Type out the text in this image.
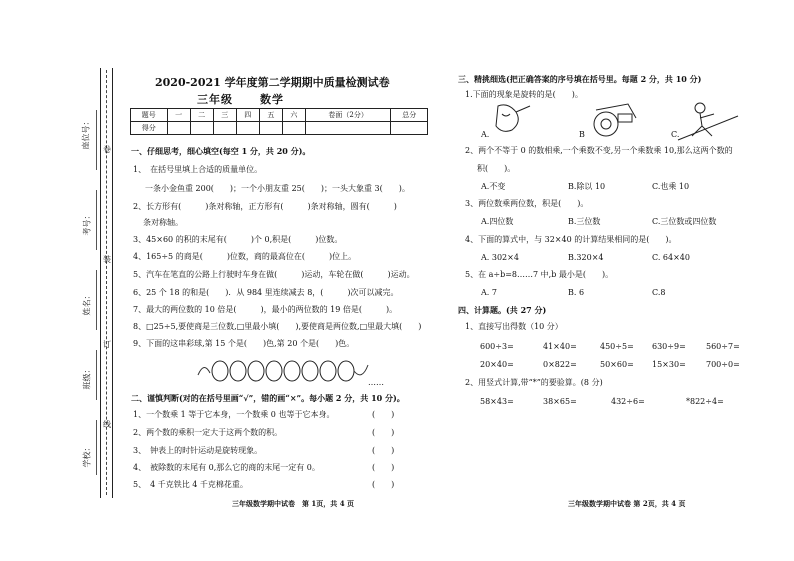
座位号：
考号：
姓名：
班级：
学校：
卷
装
订
线
2020-2021 学年度第二学期期中质量检测试卷
三年级 数学
题号	一	二	三	四	五	六	卷面（2分）	总分
得分								
一、仔细思考，细心填空(每空 1 分，共 20 分)。
1、　在括号里填上合适的质量单位。
一条小金鱼重 200(　　)；一个小朋友重 25(　　)；一头大象重 3(　　)。
2、长方形有(　　　)条对称轴，正方形有(　　　)条对称轴，圆有(　　　)
条对称轴。
3、45×60 的积的末尾有(　　　)个 0,积是(　　　)位数。
4、165÷5 的商是(　　　)位数，商的最高位在(　　　)位上。
5、汽车在笔直的公路上行驶时车身在做(　　　)运动，车轮在做(　　　)运动。
6、25 个 18 的和是(　　)．从 984 里连续减去 8，(　　　)次可以减完。
7、最大的两位数的 10 倍是(　　　)，最小的两位数的 19 倍是(　　　)。
8、□25÷5,要使商是三位数,□里最小填(　　),要使商是两位数,□里最大填(　　)
9、下面的这串彩球,第 15 个是(　　)色,第 20 个是(　　)色。
……
二、谨慎判断(对的在括号里画“√”，错的画“×”。每小题 2 分，共 10 分)。
1、一个数乘 1 等于它本身，一个数乘 0 也等于它本身。
2、两个数的乘积一定大于这两个数的积。
3、　钟表上的时针运动是旋转现象。
4、　被除数的末尾有 0,那么它的商的末尾一定有 0。
5、　4 千克铁比 4 千克棉花重。
(　　)
(　　)
(　　)
(　　)
(　　)
三年级数学期中试卷　第 1页，共 4 页
三、精挑细选(把正确答案的序号填在括号里。每题 2 分，共 10 分)
1.下面的现象是旋转的是(　　)。
A.	B	C.
2、两个不等于 0 的数相乘,一个乘数不变,另一个乘数乘 10,那么这两个数的
积(　　)。
A.不变	B.除以 10	C.也乘 10
3、两位数乘两位数，积是(　　)。
A.四位数	B.三位数	C.三位数或四位数
4、下面的算式中，与 32×40 的计算结果相同的是(　　)。
A. 302×4	B.320×4	C. 64×40
5、在 a÷b=8……7 中,b 最小是(　　)。
A. 7	B. 6	C.8
四、计算题。(共 27 分)
1、直接写出得数（10 分）
600÷3=	41×40=	450÷5= 630÷9=	560÷7=
20×40=	0×822=	50×60= 15×30=	700÷0=
2、用竖式计算,带“*”的要验算。(8 分)
58×43=	38×65=	432÷6=	*822÷4=
三年级数学期中试卷 第 2页，共 4 页
